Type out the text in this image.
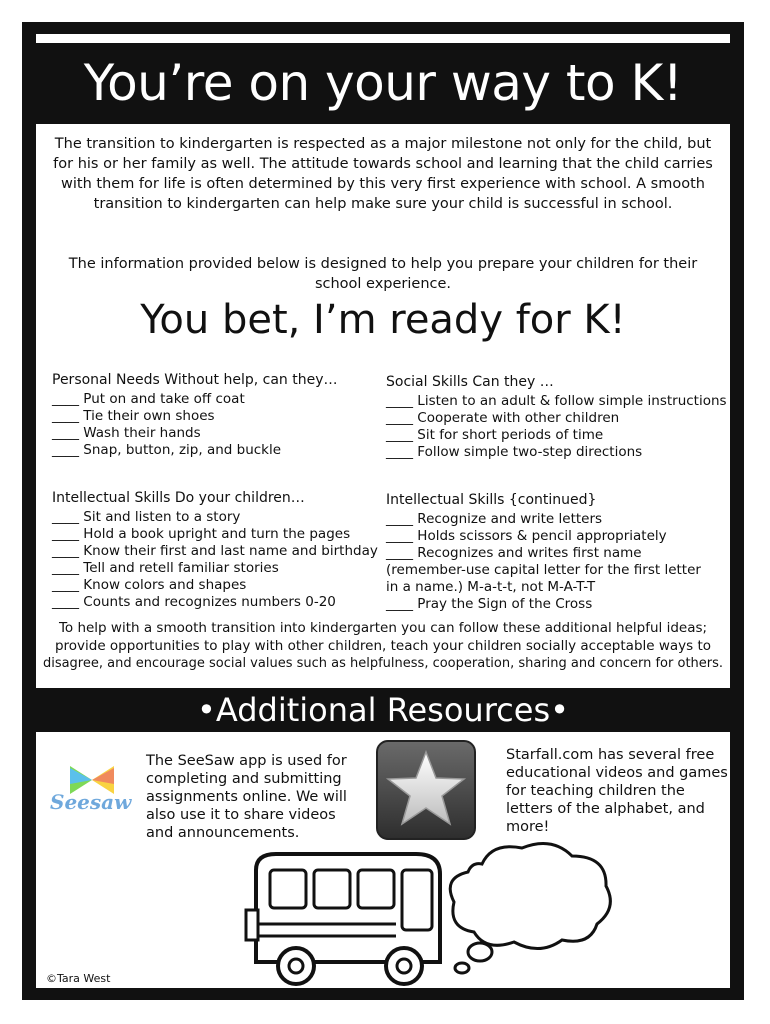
You’re on your way to K!
The transition to kindergarten is respected as a major milestone not only for the child, but for his or her family as well. The attitude towards school and learning that the child carries with them for life is often determined by this very first experience with school. A smooth transition to kindergarten can help make sure your child is successful in school.
The information provided below is designed to help you prepare your children for their school experience.
You bet, I’m ready for K!
Personal Needs Without help, can they…
____ Put on and take off coat
____ Tie their own shoes
____ Wash their hands
____ Snap, button, zip, and buckle
Social Skills Can they …
____ Listen to an adult & follow simple instructions
____ Cooperate with other children
____ Sit for short periods of time
____ Follow simple two-step directions
Intellectual Skills Do your children…
____ Sit and listen to a story
____ Hold a book upright and turn the pages
____ Know their first and last name and birthday
____ Tell and retell familiar stories
____ Know colors and shapes
____ Counts and recognizes numbers 0-20
Intellectual Skills {continued}
____ Recognize and write letters
____ Holds scissors & pencil appropriately
____ Recognizes and writes first name
(remember-use capital letter for the first letter
in a name.) M-a-t-t, not M-A-T-T
____ Pray the Sign of the Cross
To help with a smooth transition into kindergarten you can follow these additional helpful ideas;
provide opportunities to play with other children, teach your children socially acceptable ways to
disagree, and encourage social values such as helpfulness, cooperation, sharing and concern for others.
•Additional Resources•
Seesaw
The SeeSaw app is used for completing and submitting assignments online. We will also use it to share videos and announcements.
Starfall.com has several free educational videos and games for teaching children the letters of the alphabet, and more!
©Tara West
